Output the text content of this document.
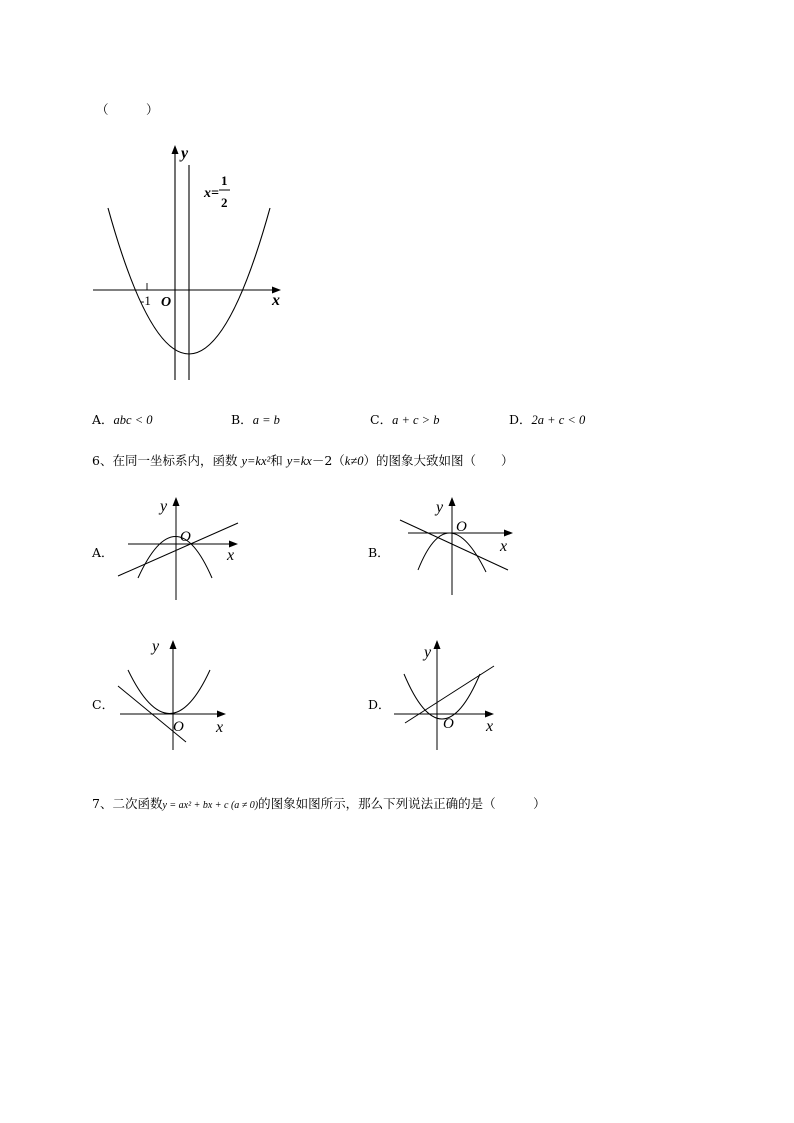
（　　　）
y
x
O
-1
x=
1
2
A．abc < 0	B．a = b	C．a + c > b	D．2a + c < 0
6、在同一坐标系内，函数 y=kx²和 y=kx－2（k≠0）的图象大致如图（　　）
A．
y
O
x	B．
y
O
x
C．
y
O x
D．
y
O x
7、二次函数y = ax² + bx + c (a ≠ 0)的图象如图所示，那么下列说法正确的是（　　　）
